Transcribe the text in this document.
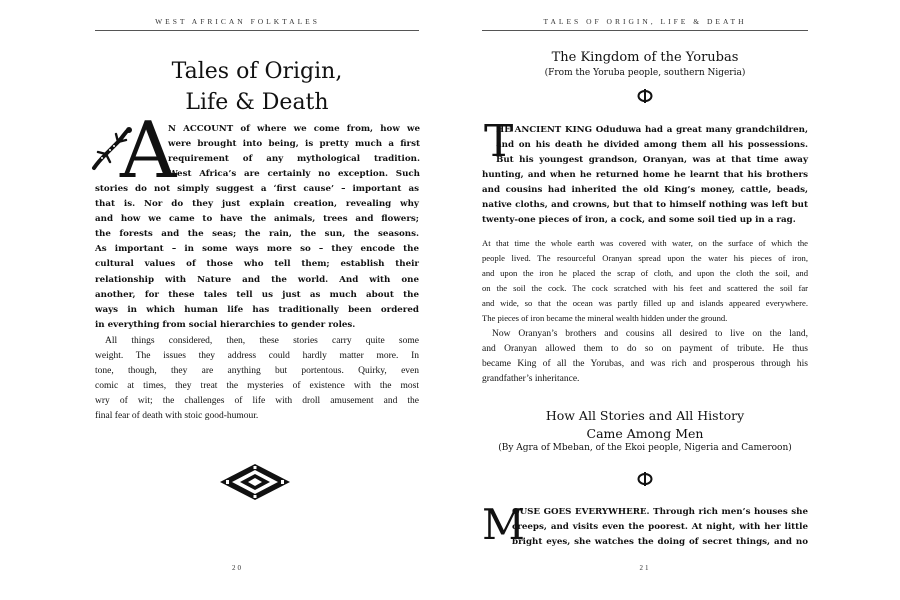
WEST AFRICAN FOLKTALES
Tales of Origin,
Life & Death
A
N ACCOUNT of where we come from, how we
were brought into being, is pretty much a first
requirement of any mythological tradition.
West Africa’s are certainly no exception. Such
stories do not simply suggest a ‘first cause’ – important as
that is. Nor do they just explain creation, revealing why
and how we came to have the animals, trees and flowers;
the forests and the seas; the rain, the sun, the seasons.
As important – in some ways more so – they encode the
cultural values of those who tell them; establish their
relationship with Nature and the world. And with one
another, for these tales tell us just as much about the
ways in which human life has traditionally been ordered
in everything from social hierarchies to gender roles.
All things considered, then, these stories carry quite some
weight. The issues they address could hardly matter more. In
tone, though, they are anything but portentous. Quirky, even
comic at times, they treat the mysteries of existence with the most
wry of wit; the challenges of life with droll amusement and the
final fear of death with stoic good-humour.
20
TALES OF ORIGIN, LIFE & DEATH
The Kingdom of the Yorubas
(From the Yoruba people, southern Nigeria)
T
HE ANCIENT KING Oduduwa had a great many grandchildren,
and on his death he divided among them all his possessions.
But his youngest grandson, Oranyan, was at that time away
hunting, and when he returned home he learnt that his brothers
and cousins had inherited the old King’s money, cattle, beads,
native cloths, and crowns, but that to himself nothing was left but
twenty-one pieces of iron, a cock, and some soil tied up in a rag.
At that time the whole earth was covered with water, on the surface of which the
people lived. The resourceful Oranyan spread upon the water his pieces of iron,
and upon the iron he placed the scrap of cloth, and upon the cloth the soil, and
on the soil the cock. The cock scratched with his feet and scattered the soil far
and wide, so that the ocean was partly filled up and islands appeared everywhere.
The pieces of iron became the mineral wealth hidden under the ground.
Now Oranyan’s brothers and cousins all desired to live on the land,
and Oranyan allowed them to do so on payment of tribute. He thus
became King of all the Yorubas, and was rich and prosperous through his
grandfather’s inheritance.
How All Stories and All History
Came Among Men
(By Agra of Mbeban, of the Ekoi people, Nigeria and Cameroon)
M
OUSE GOES EVERYWHERE. Through rich men’s houses she
creeps, and visits even the poorest. At night, with her little
bright eyes, she watches the doing of secret things, and no
21
